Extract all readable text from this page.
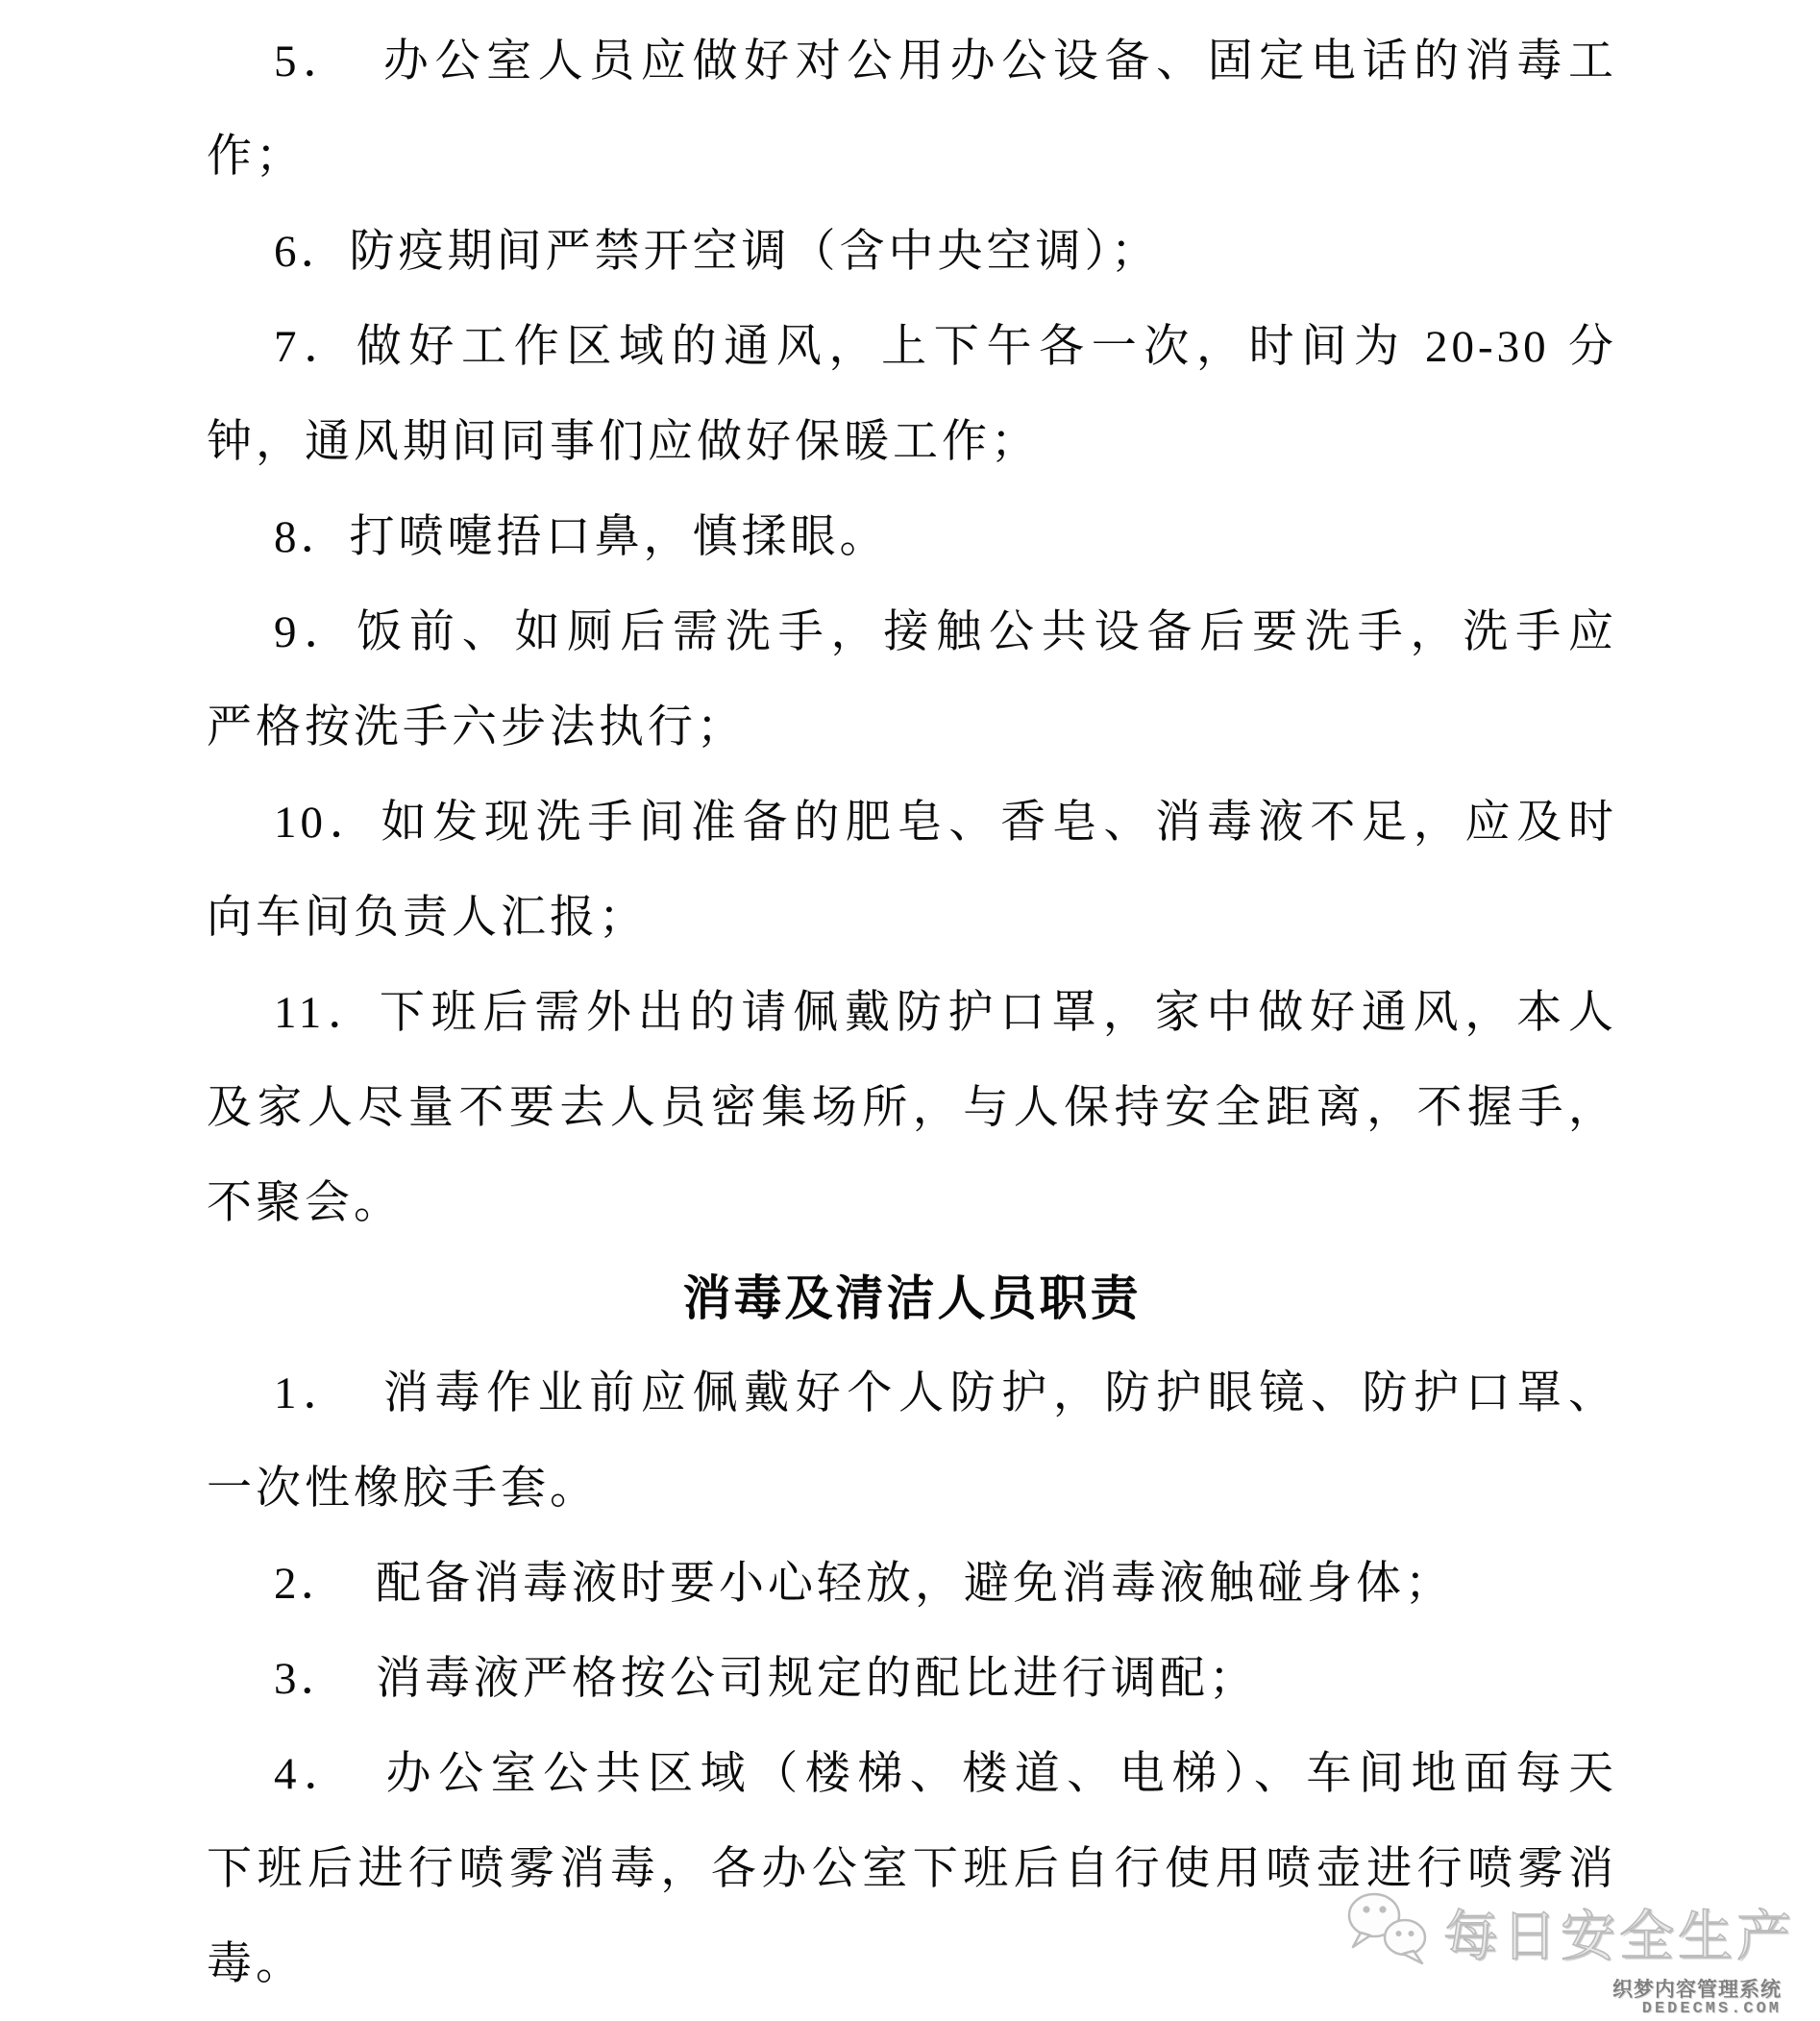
5．　办公室人员应做好对公用办公设备、固定电话的消毒工
作；
6．防疫期间严禁开空调（含中央空调）；
7．做好工作区域的通风，上下午各一次，时间为 20-30 分
钟，通风期间同事们应做好保暖工作；
8．打喷嚏捂口鼻，慎揉眼。
9．饭前、如厕后需洗手，接触公共设备后要洗手，洗手应
严格按洗手六步法执行；
10．如发现洗手间准备的肥皂、香皂、消毒液不足，应及时
向车间负责人汇报；
11．下班后需外出的请佩戴防护口罩，家中做好通风，本人
及家人尽量不要去人员密集场所，与人保持安全距离，不握手，
不聚会。
消毒及清洁人员职责
1．　消毒作业前应佩戴好个人防护，防护眼镜、防护口罩、
一次性橡胶手套。
2．　配备消毒液时要小心轻放，避免消毒液触碰身体；
3．　消毒液严格按公司规定的配比进行调配；
4．　办公室公共区域（楼梯、楼道、电梯）、车间地面每天
下班后进行喷雾消毒，各办公室下班后自行使用喷壶进行喷雾消
毒。	每日安全生产
织梦内容管理系统
DEDECMS.COM
